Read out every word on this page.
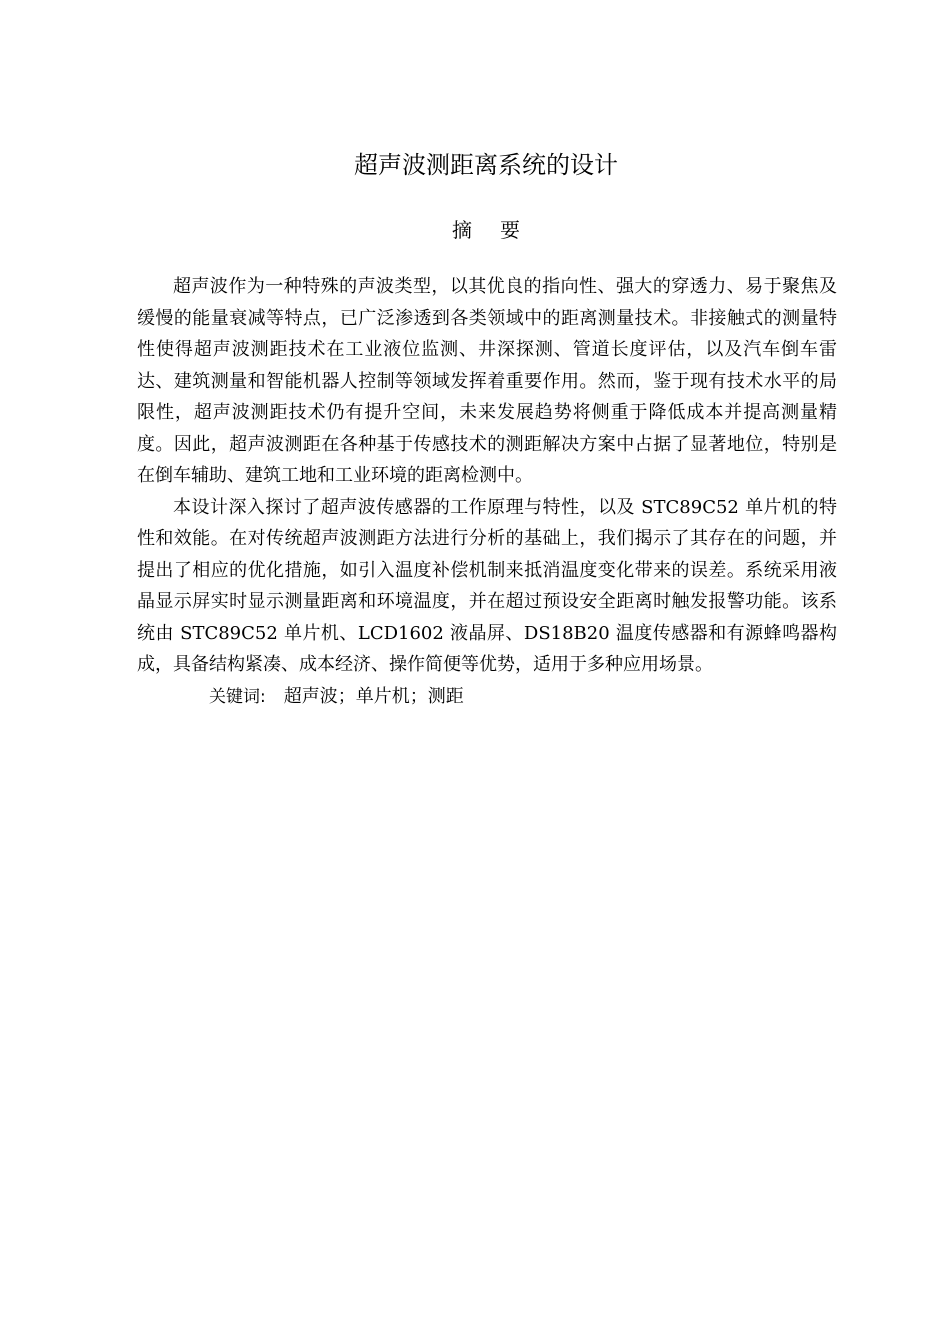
超声波测距离系统的设计
摘 要

超声波作为一种特殊的声波类型，以其优良的指向性、强大的穿透力、易于聚焦及缓慢的能量衰减等特点，已广泛渗透到各类领域中的距离测量技术。非接触式的测量特性使得超声波测距技术在工业液位监测、井深探测、管道长度评估，以及汽车倒车雷达、建筑测量和智能机器人控制等领域发挥着重要作用。然而，鉴于现有技术水平的局限性，超声波测距技术仍有提升空间，未来发展趋势将侧重于降低成本并提高测量精度。因此，超声波测距在各种基于传感技术的测距解决方案中占据了显著地位，特别是在倒车辅助、建筑工地和工业环境的距离检测中。

本设计深入探讨了超声波传感器的工作原理与特性，以及 STC89C52 单片机的特性和效能。在对传统超声波测距方法进行分析的基础上，我们揭示了其存在的问题，并提出了相应的优化措施，如引入温度补偿机制来抵消温度变化带来的误差。系统采用液晶显示屏实时显示测量距离和环境温度，并在超过预设安全距离时触发报警功能。该系统由 STC89C52 单片机、LCD1602 液晶屏、DS18B20 温度传感器和有源蜂鸣器构成，具备结构紧凑、成本经济、操作简便等优势，适用于多种应用场景。

关键词: 超声波；单片机；测距
